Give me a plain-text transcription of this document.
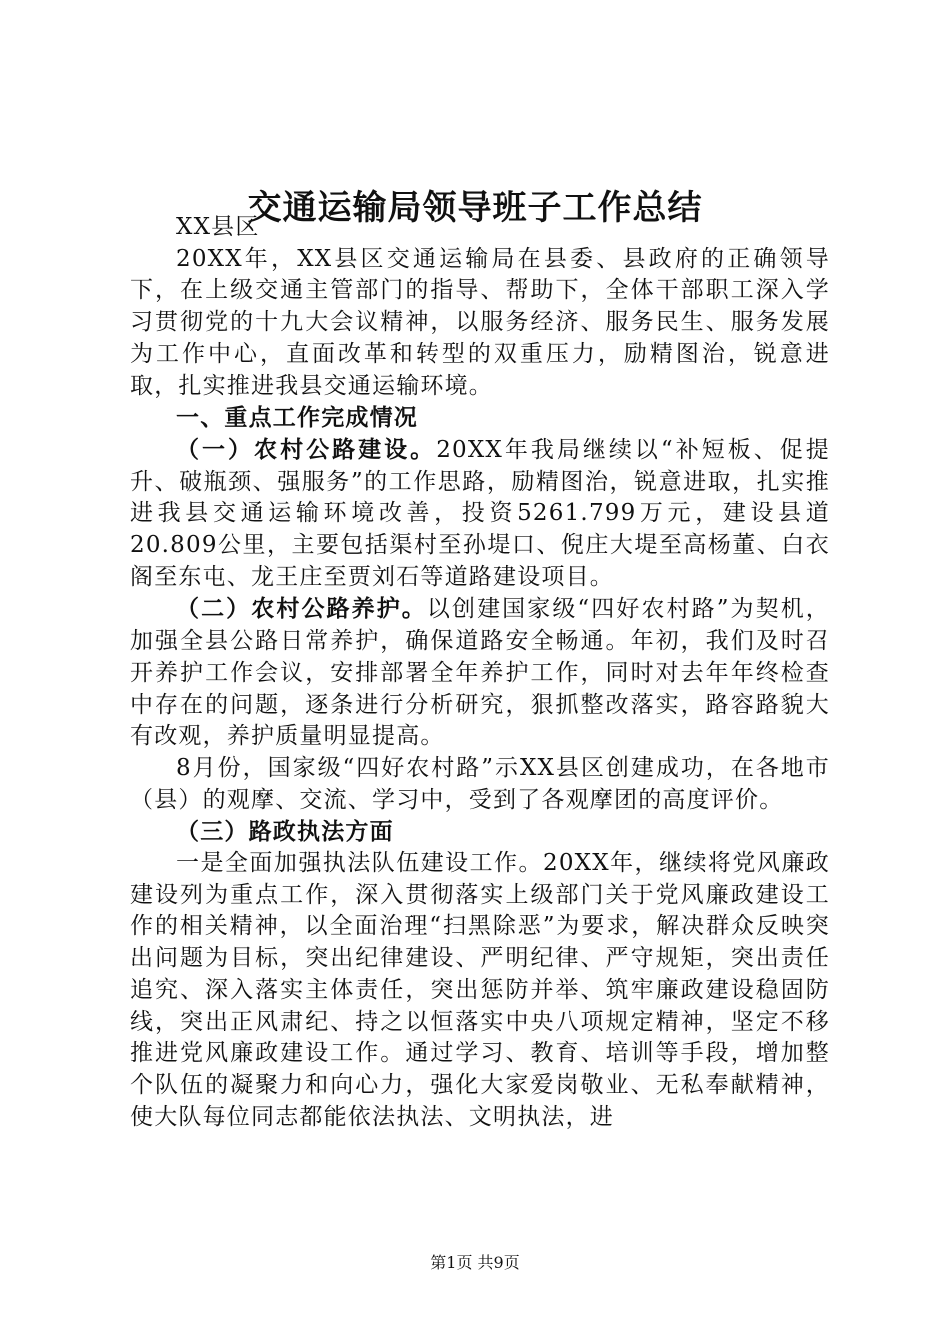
交通运输局领导班子工作总结

XX县区

20XX年，XX县区交通运输局在县委、县政府的正确领导下，在上级交通主管部门的指导、帮助下，全体干部职工深入学习贯彻党的十九大会议精神，以服务经济、服务民生、服务发展为工作中心，直面改革和转型的双重压力，励精图治，锐意进取，扎实推进我县交通运输环境。

一、重点工作完成情况

（一）农村公路建设。20XX年我局继续以“补短板、促提升、破瓶颈、强服务”的工作思路，励精图治，锐意进取，扎实推进我县交通运输环境改善，投资5261.799万元，建设县道20.809公里，主要包括渠村至孙堤口、倪庄大堤至高杨董、白衣阁至东屯、龙王庄至贾刘石等道路建设项目。

（二）农村公路养护。以创建国家级“四好农村路”为契机，加强全县公路日常养护，确保道路安全畅通。年初，我们及时召开养护工作会议，安排部署全年养护工作，同时对去年年终检查中存在的问题，逐条进行分析研究，狠抓整改落实，路容路貌大有改观，养护质量明显提高。

8月份，国家级“四好农村路”示XX县区创建成功，在各地市（县）的观摩、交流、学习中，受到了各观摩团的高度评价。

（三）路政执法方面

一是全面加强执法队伍建设工作。20XX年，继续将党风廉政建设列为重点工作，深入贯彻落实上级部门关于党风廉政建设工作的相关精神，以全面治理“扫黑除恶”为要求，解决群众反映突出问题为目标，突出纪律建设、严明纪律、严守规矩，突出责任追究、深入落实主体责任，突出惩防并举、筑牢廉政建设稳固防线，突出正风肃纪、持之以恒落实中央八项规定精神，坚定不移推进党风廉政建设工作。通过学习、教育、培训等手段，增加整个队伍的凝聚力和向心力，强化大家爱岗敬业、无私奉献精神，使大队每位同志都能依法执法、文明执法，进

第1页 共9页
